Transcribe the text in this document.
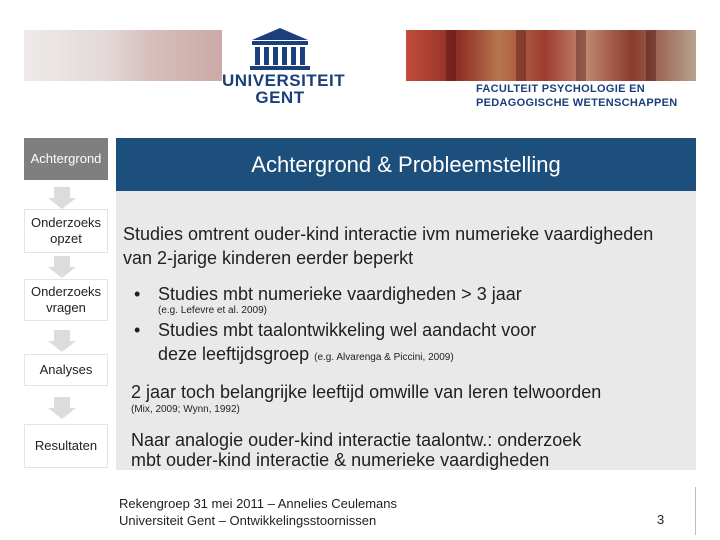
UNIVERSITEIT
GENT	FACULTEIT PSYCHOLOGIE EN
PEDAGOGISCHE WETENSCHAPPEN
Achtergrond
Onderzoeks opzet
Onderzoeks vragen
Analyses
Resultaten
Achtergrond & Probleemstelling
Studies omtrent ouder-kind interactie ivm numerieke vaardigheden van 2-jarige kinderen eerder beperkt
• Studies mbt numerieke vaardigheden > 3 jaar
(e.g. Lefevre et al. 2009)
• Studies mbt taalontwikkeling wel aandacht voor
deze leeftijdsgroep (e.g. Alvarenga & Piccini, 2009)
2 jaar toch belangrijke leeftijd omwille van leren telwoorden
(Mix, 2009; Wynn, 1992)
Naar analogie ouder-kind interactie taalontw.: onderzoek
mbt ouder-kind interactie & numerieke vaardigheden
Rekengroep 31 mei 2011 – Annelies Ceulemans
Universiteit Gent – Ontwikkelingsstoornissen	3
